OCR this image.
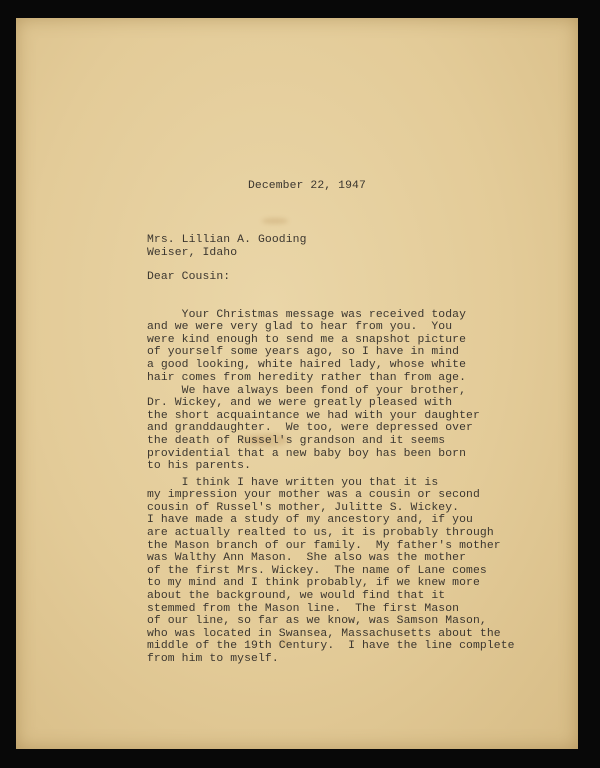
December 22, 1947

Mrs. Lillian A. Gooding
Weiser, Idaho

Dear Cousin:

Your Christmas message was received today
and we were very glad to hear from you.  You
were kind enough to send me a snapshot picture
of yourself some years ago, so I have in mind
a good looking, white haired lady, whose white
hair comes from heredity rather than from age.

We have always been fond of your brother,
Dr. Wickey, and we were greatly pleased with
the short acquaintance we had with your daughter
and granddaughter.  We too, were depressed over
the death of Russel's grandson and it seems
providential that a new baby boy has been born
to his parents.

I think I have written you that it is
my impression your mother was a cousin or second
cousin of Russel's mother, Julitte S. Wickey.
I have made a study of my ancestory and, if you
are actually realted to us, it is probably through
the Mason branch of our family.  My father's mother
was Walthy Ann Mason.  She also was the mother
of the first Mrs. Wickey.  The name of Lane comes
to my mind and I think probably, if we knew more
about the background, we would find that it
stemmed from the Mason line.  The first Mason
of our line, so far as we know, was Samson Mason,
who was located in Swansea, Massachusetts about the
middle of the 19th Century.  I have the line complete
from him to myself.
